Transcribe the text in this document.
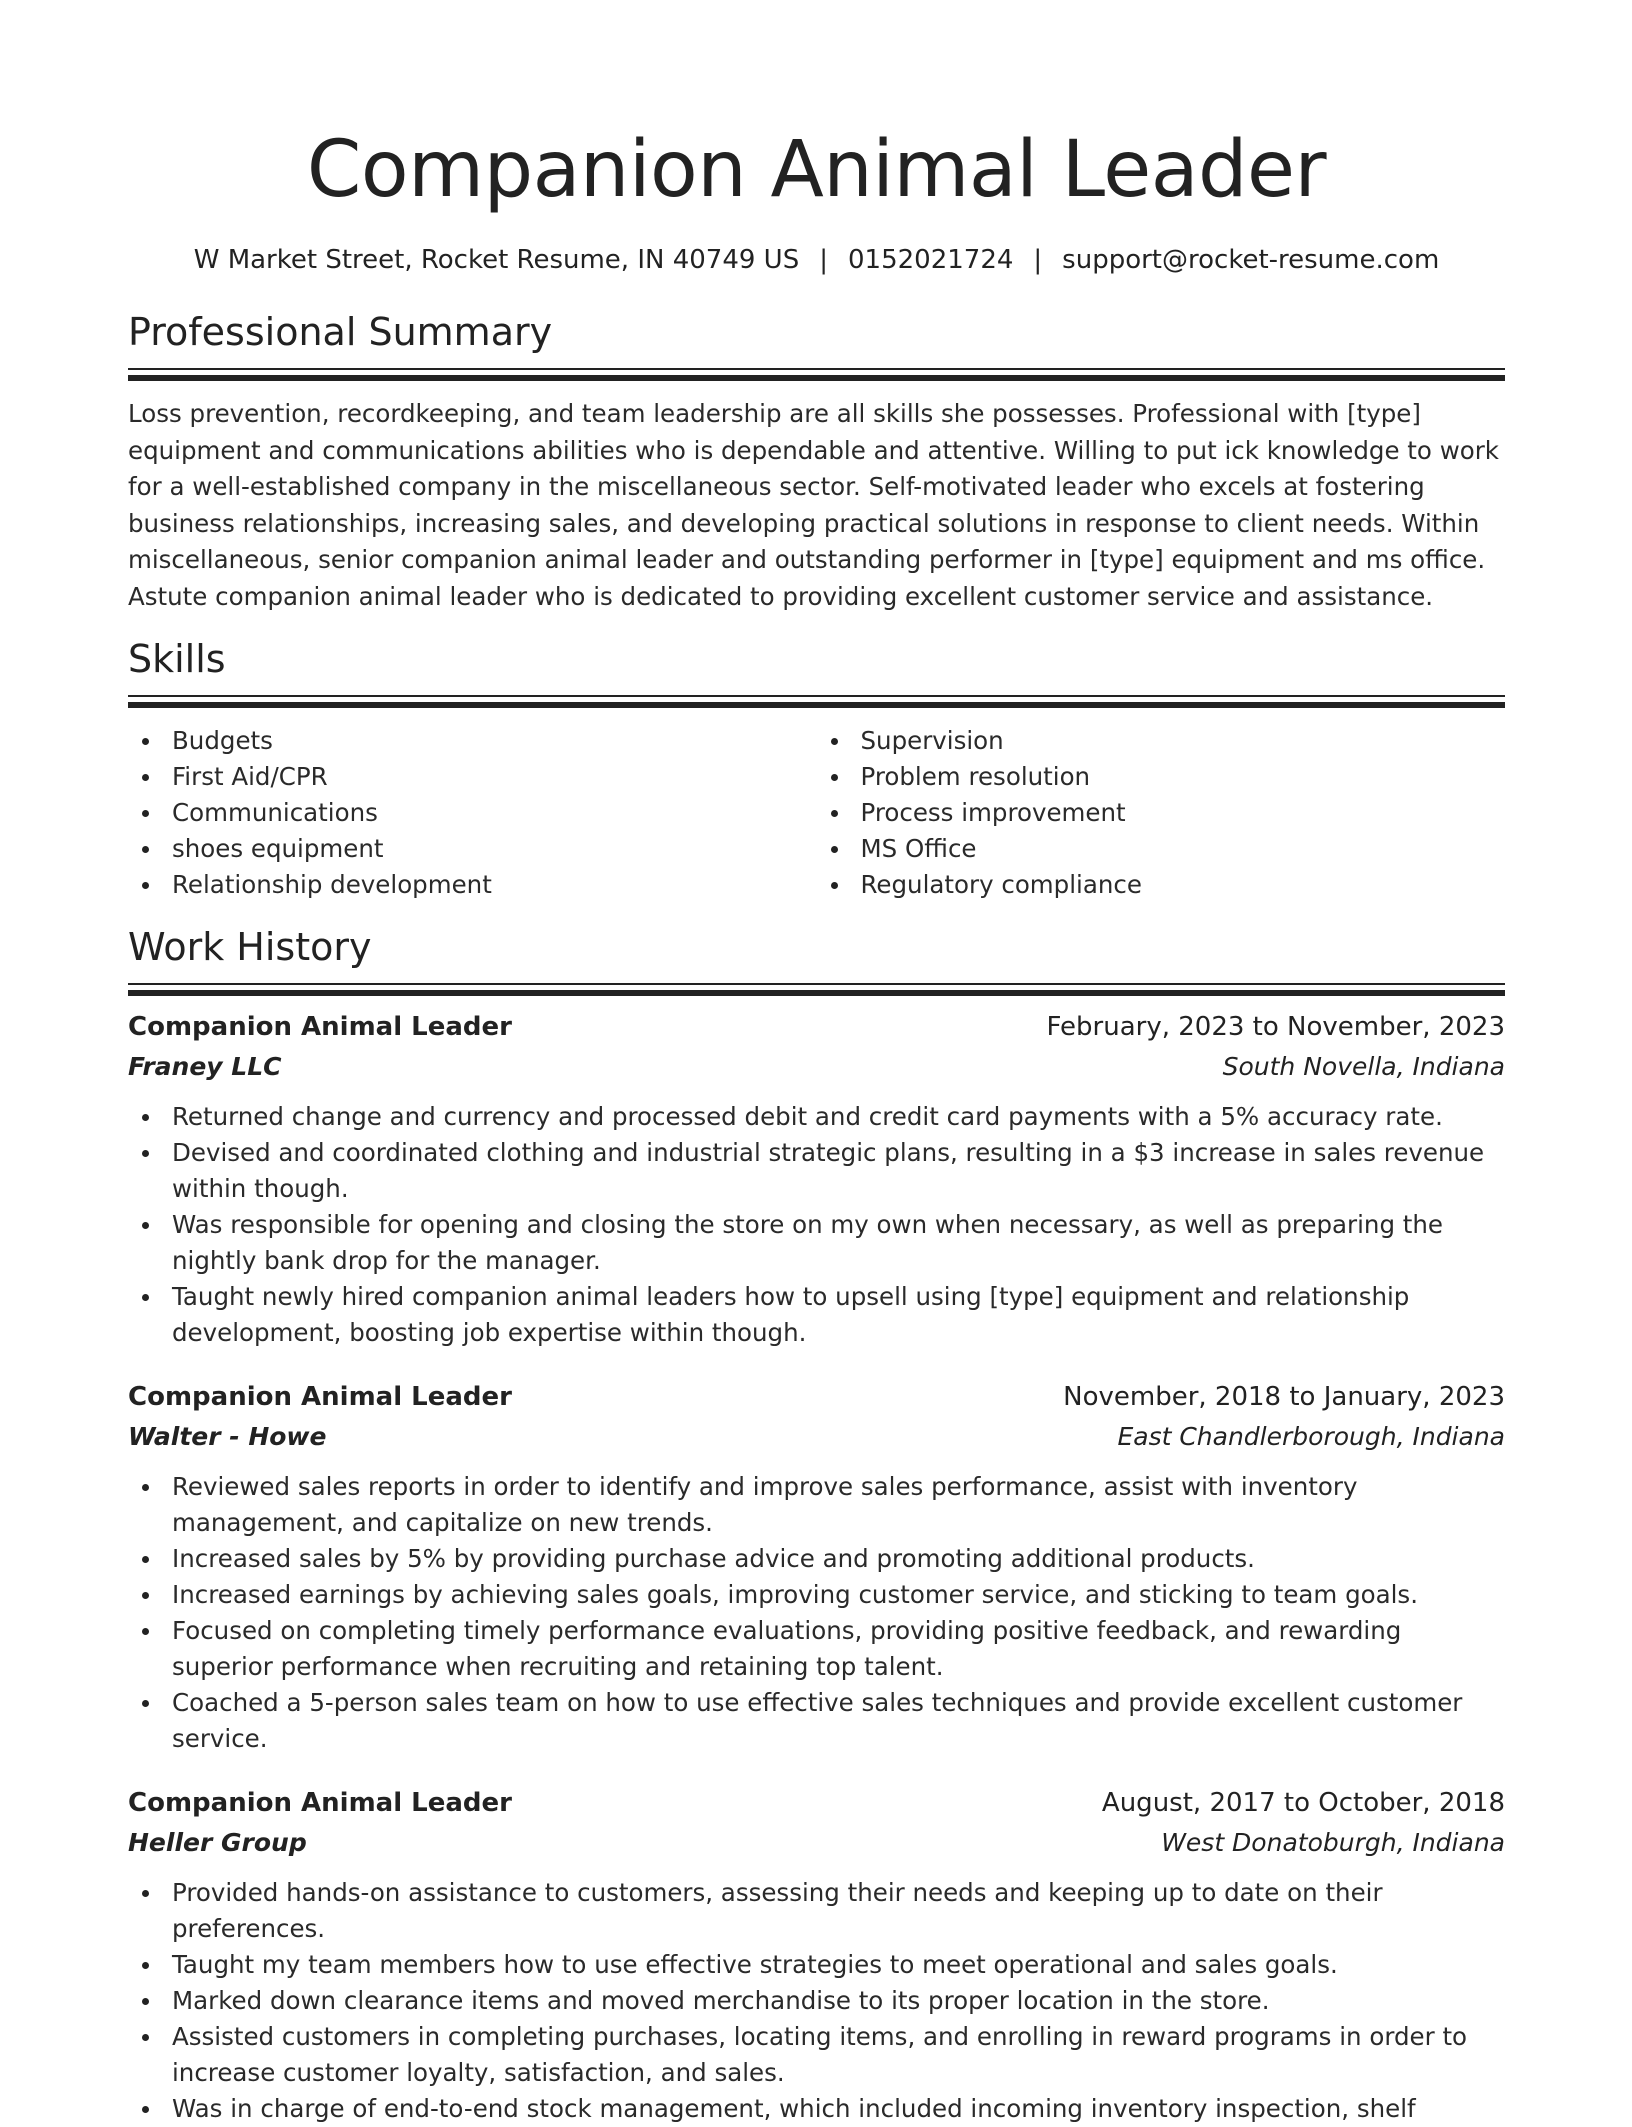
Companion Animal Leader
W Market Street, Rocket Resume, IN 40749 US | 0152021724 | support@rocket-resume.com
Professional Summary

Loss prevention, recordkeeping, and team leadership are all skills she possesses. Professional with [type] equipment and communications abilities who is dependable and attentive. Willing to put ick knowledge to work for a well-established company in the miscellaneous sector. Self-motivated leader who excels at fostering business relationships, increasing sales, and developing practical solutions in response to client needs. Within miscellaneous, senior companion animal leader and outstanding performer in [type] equipment and ms office. Astute companion animal leader who is dedicated to providing excellent customer service and assistance.

Skills
Budgets
First Aid/CPR
Communications
shoes equipment
Relationship development
Supervision
Problem resolution
Process improvement
MS Office
Regulatory compliance
Work History
Companion Animal Leader	February, 2023 to November, 2023
Franey LLC	South Novella, Indiana
Returned change and currency and processed debit and credit card payments with a 5% accuracy rate.
Devised and coordinated clothing and industrial strategic plans, resulting in a $3 increase in sales revenue within though.
Was responsible for opening and closing the store on my own when necessary, as well as preparing the nightly bank drop for the manager.
Taught newly hired companion animal leaders how to upsell using [type] equipment and relationship development, boosting job expertise within though.
Companion Animal Leader	November, 2018 to January, 2023
Walter - Howe	East Chandlerborough, Indiana
Reviewed sales reports in order to identify and improve sales performance, assist with inventory management, and capitalize on new trends.
Increased sales by 5% by providing purchase advice and promoting additional products.
Increased earnings by achieving sales goals, improving customer service, and sticking to team goals.
Focused on completing timely performance evaluations, providing positive feedback, and rewarding superior performance when recruiting and retaining top talent.
Coached a 5-person sales team on how to use effective sales techniques and provide excellent customer service.
Companion Animal Leader	August, 2017 to October, 2018
Heller Group	West Donatoburgh, Indiana
Provided hands-on assistance to customers, assessing their needs and keeping up to date on their preferences.
Taught my team members how to use effective strategies to meet operational and sales goals.
Marked down clearance items and moved merchandise to its proper location in the store.
Assisted customers in completing purchases, locating items, and enrolling in reward programs in order to increase customer loyalty, satisfaction, and sales.
Was in charge of end-to-end stock management, which included incoming inventory inspection, shelf
